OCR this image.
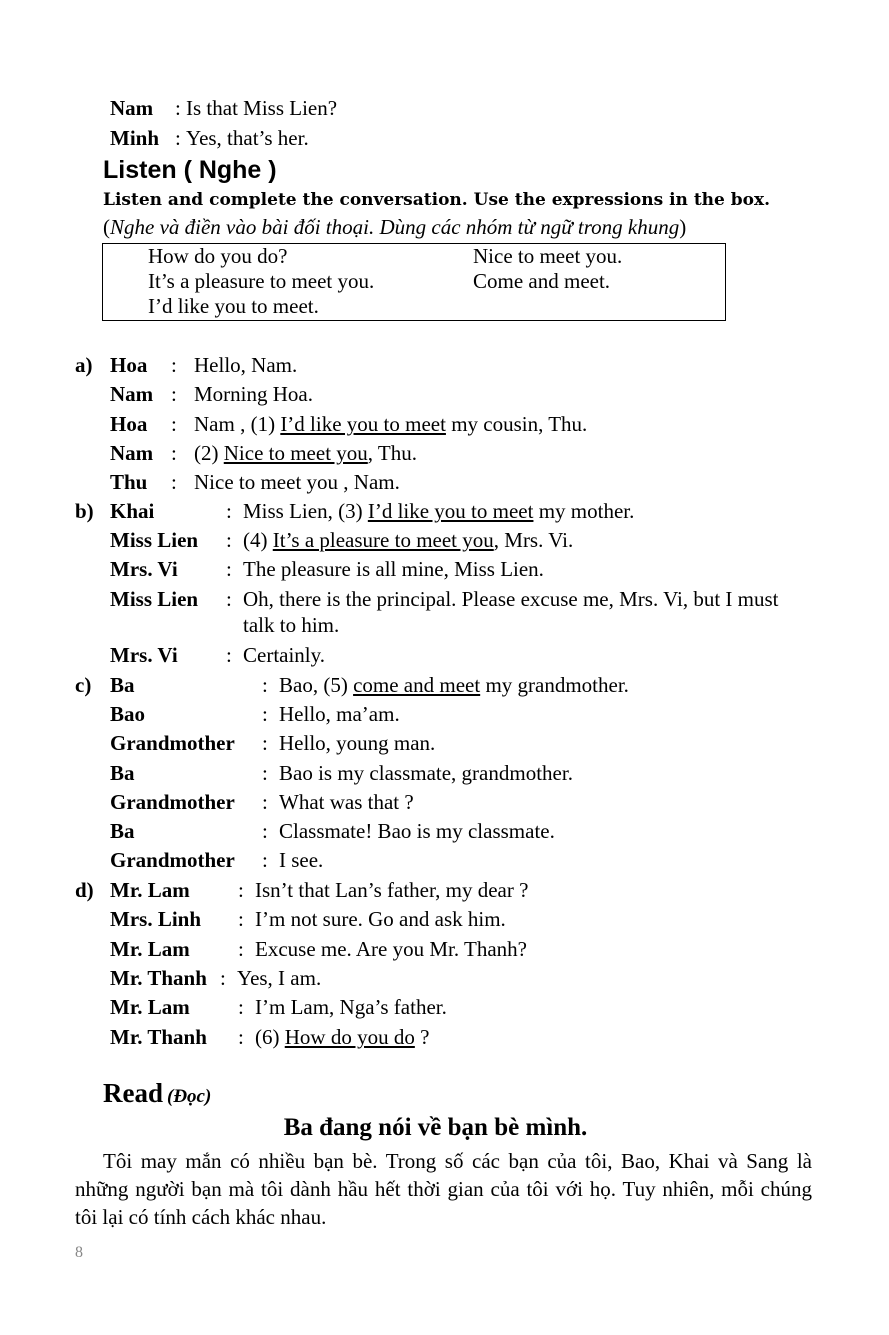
Nam : Is that Miss Lien?
Minh : Yes, that’s her.
Listen ( Nghe )
Listen and complete the conversation. Use the expressions in the box.
(Nghe và điền vào bài đối thoại. Dùng các nhóm từ ngữ trong khung)
How do you do?	Nice to meet you.
It’s a pleasure to meet you.	Come and meet.
I’d like you to meet.
a) Hoa : Hello, Nam.
Nam : Morning Hoa.
Hoa : Nam , (1) I’d like you to meet my cousin, Thu.
Nam : (2) Nice to meet you, Thu.
Thu : Nice to meet you , Nam.
b) Khai	: Miss Lien, (3) I’d like you to meet my mother.
Miss Lien : (4) It’s a pleasure to meet you, Mrs. Vi.
Mrs. Vi : The pleasure is all mine, Miss Lien.
Miss Lien : Oh, there is the principal. Please excuse me, Mrs. Vi, but I must
talk to him.
Mrs. Vi : Certainly.
c) Ba	: Bao, (5) come and meet my grandmother.
Bao	: Hello, ma’am.
Grandmother : Hello, young man.
Ba	: Bao is my classmate, grandmother.
Grandmother : What was that ?
Ba	: Classmate! Bao is my classmate.
Grandmother : I see.
d) Mr. Lam : Isn’t that Lan’s father, my dear ?
Mrs. Linh : I’m not sure. Go and ask him.
Mr. Lam : Excuse me. Are you Mr. Thanh?
Mr. Thanh : Yes, I am.
Mr. Lam : I’m Lam, Nga’s father.
Mr. Thanh : (6) How do you do ?
Read (Đọc)
Ba đang nói về bạn bè mình.
Tôi may mắn có nhiều bạn bè. Trong số các bạn của tôi, Bao, Khai và Sang là những người bạn mà tôi dành hầu hết thời gian của tôi với họ. Tuy nhiên, mỗi chúng tôi lại có tính cách khác nhau.
8
